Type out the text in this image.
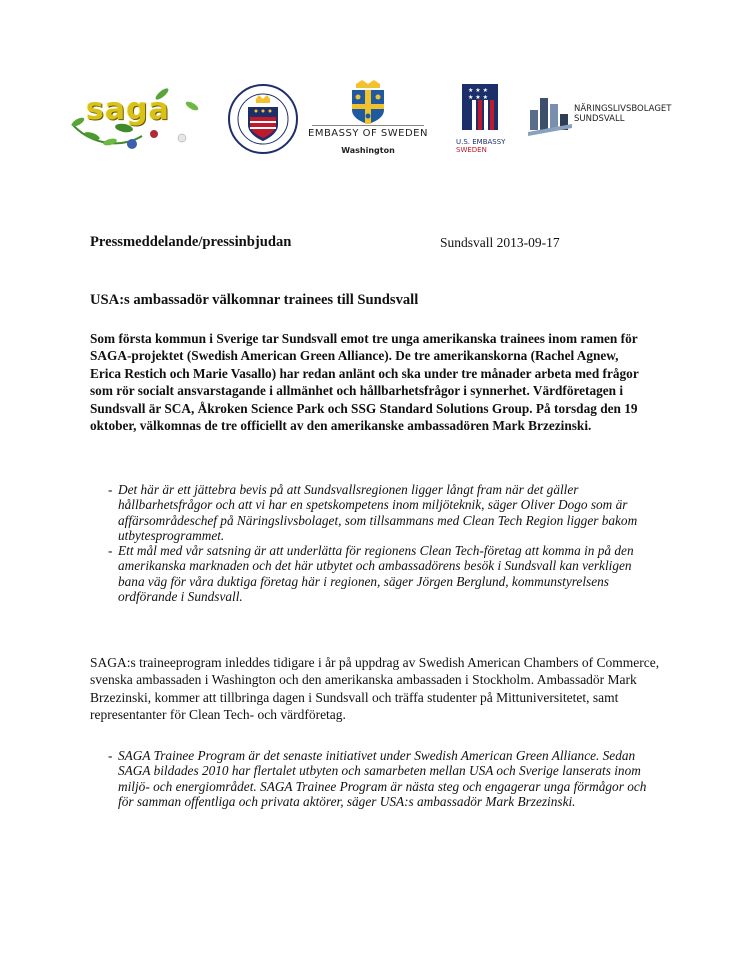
saga
EMBASSY OF SWEDEN
Washington
★ ★ ★
★ ★ ★
U.S. EMBASSY
SWEDEN
NÄRINGSLIVSBOLAGET
SUNDSVALL
Pressmeddelande/pressinbjudan	Sundsvall 2013-09-17
USA:s ambassadör välkomnar trainees till Sundsvall
Som första kommun i Sverige tar Sundsvall emot tre unga amerikanska trainees inom ramen för SAGA-projektet (Swedish American Green Alliance). De tre amerikanskorna (Rachel Agnew, Erica Restich och Marie Vasallo) har redan anlänt och ska under tre månader arbeta med frågor som rör socialt ansvarstagande i allmänhet och hållbarhetsfrågor i synnerhet. Värdföretagen i Sundsvall är SCA, Åkroken Science Park och SSG Standard Solutions Group. På torsdag den 19 oktober, välkomnas de tre officiellt av den amerikanske ambassadören Mark Brzezinski.
- Det här är ett jättebra bevis på att Sundsvallsregionen ligger långt fram när det gäller hållbarhetsfrågor och att vi har en spetskompetens inom miljöteknik, säger Oliver Dogo som är affärsområdeschef på Näringslivsbolaget, som tillsammans med Clean Tech Region ligger bakom utbytesprogrammet.
- Ett mål med vår satsning är att underlätta för regionens Clean Tech-företag att komma in på den amerikanska marknaden och det här utbytet och ambassadörens besök i Sundsvall kan verkligen bana väg för våra duktiga företag här i regionen, säger Jörgen Berglund, kommunstyrelsens ordförande i Sundsvall.
SAGA:s traineeprogram inleddes tidigare i år på uppdrag av Swedish American Chambers of Commerce, svenska ambassaden i Washington och den amerikanska ambassaden i Stockholm. Ambassadör Mark Brzezinski, kommer att tillbringa dagen i Sundsvall och träffa studenter på Mittuniversitetet, samt representanter för Clean Tech- och värdföretag.
- SAGA Trainee Program är det senaste initiativet under Swedish American Green Alliance. Sedan SAGA bildades 2010 har flertalet utbyten och samarbeten mellan USA och Sverige lanserats inom miljö- och energiområdet. SAGA Trainee Program är nästa steg och engagerar unga förmågor och för samman offentliga och privata aktörer, säger USA:s ambassadör Mark Brzezinski.
